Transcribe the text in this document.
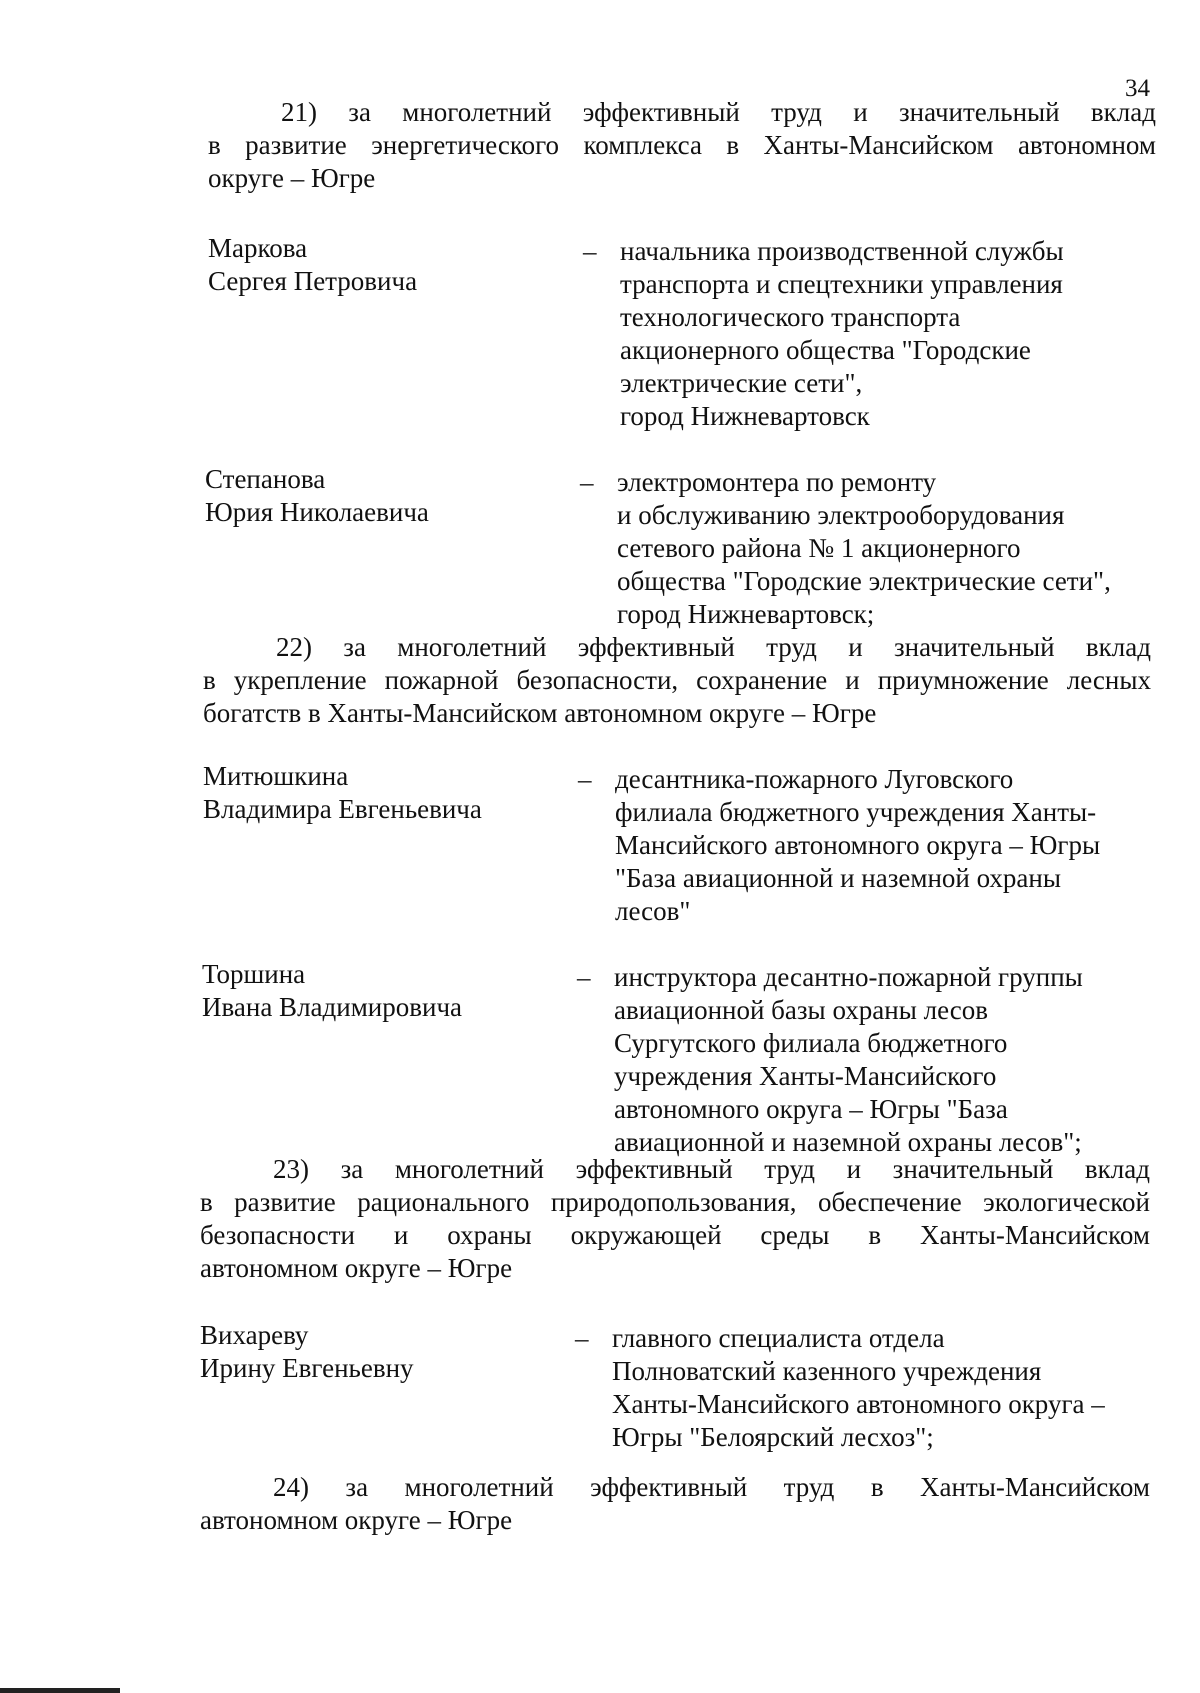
34
21) за многолетний эффективный труд и значительный вклад
в развитие энергетического комплекса в Ханты-Мансийском автономном
округе – Югре
Маркова
Сергея Петровича
– начальника производственной службы
транспорта и спецтехники управления
технологического транспорта
акционерного общества "Городские
электрические сети",
город Нижневартовск
Степанова
Юрия Николаевича
– электромонтера по ремонту
и обслуживанию электрооборудования
сетевого района № 1 акционерного
общества "Городские электрические сети",
город Нижневартовск;
22) за многолетний эффективный труд и значительный вклад
в укрепление пожарной безопасности, сохранение и приумножение лесных
богатств в Ханты-Мансийском автономном округе – Югре
Митюшкина
Владимира Евгеньевича
– десантника-пожарного Луговского
филиала бюджетного учреждения Ханты-
Мансийского автономного округа – Югры
"База авиационной и наземной охраны
лесов"
Торшина
Ивана Владимировича
– инструктора десантно-пожарной группы
авиационной базы охраны лесов
Сургутского филиала бюджетного
учреждения Ханты-Мансийского
автономного округа – Югры "База
авиационной и наземной охраны лесов";
23) за многолетний эффективный труд и значительный вклад
в развитие рационального природопользования, обеспечение экологической
безопасности и охраны окружающей среды в Ханты-Мансийском
автономном округе – Югре
Вихареву
Ирину Евгеньевну
– главного специалиста отдела
Полноватский казенного учреждения
Ханты-Мансийского автономного округа –
Югры "Белоярский лесхоз";
24) за многолетний эффективный труд в Ханты-Мансийском
автономном округе – Югре
